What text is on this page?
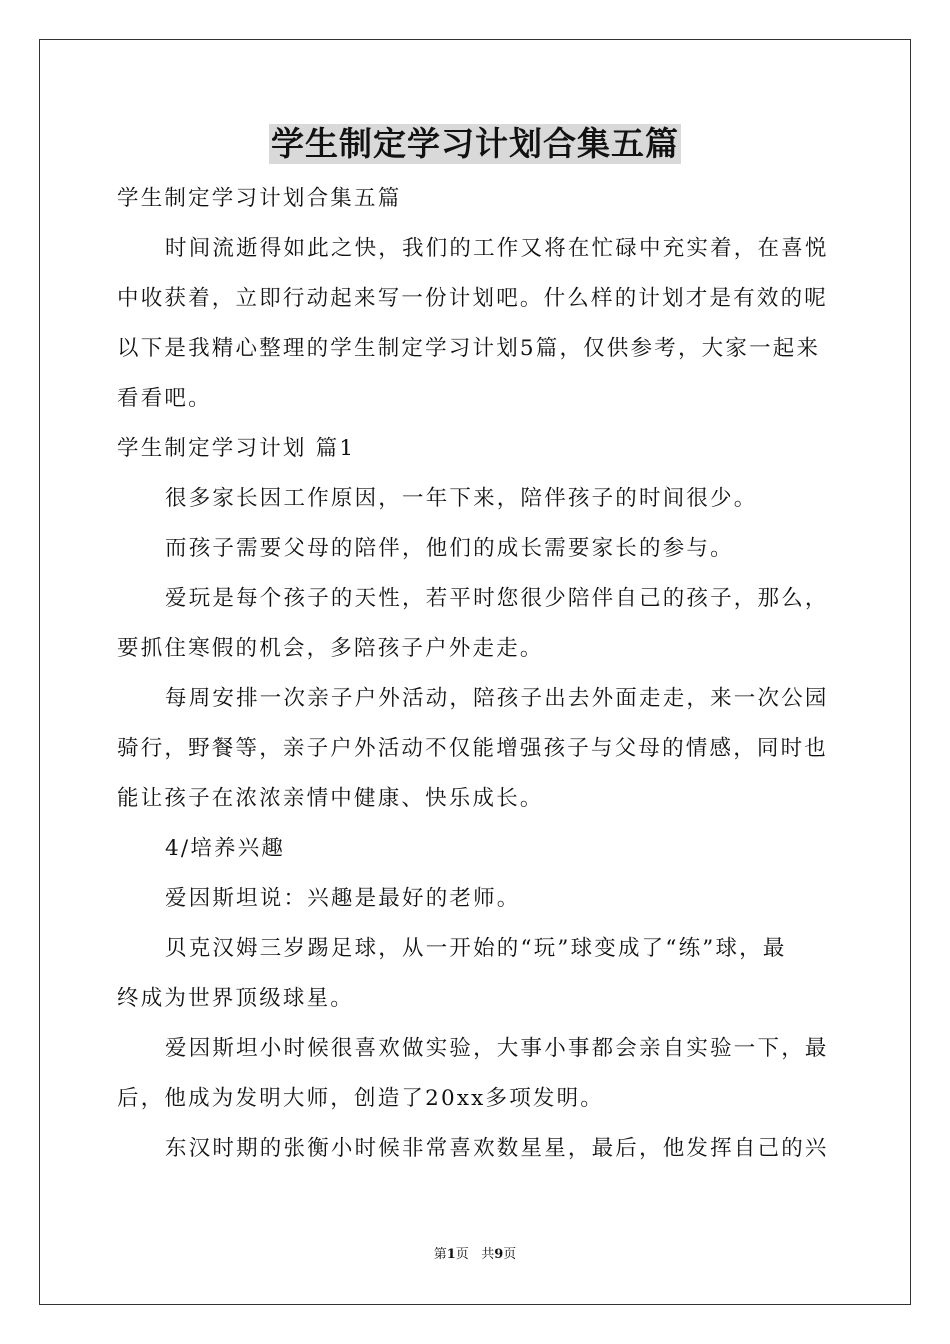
学生制定学习计划合集五篇
学生制定学习计划合集五篇
时间流逝得如此之快，我们的工作又将在忙碌中充实着，在喜悦
中收获着，立即行动起来写一份计划吧。什么样的计划才是有效的呢
以下是我精心整理的学生制定学习计划5篇，仅供参考，大家一起来
看看吧。
学生制定学习计划 篇1
很多家长因工作原因，一年下来，陪伴孩子的时间很少。
而孩子需要父母的陪伴，他们的成长需要家长的参与。
爱玩是每个孩子的天性，若平时您很少陪伴自己的孩子，那么，
要抓住寒假的机会，多陪孩子户外走走。
每周安排一次亲子户外活动，陪孩子出去外面走走，来一次公园
骑行，野餐等，亲子户外活动不仅能增强孩子与父母的情感，同时也
能让孩子在浓浓亲情中健康、快乐成长。
4/培养兴趣
爱因斯坦说：兴趣是最好的老师。
贝克汉姆三岁踢足球，从一开始的“玩”球变成了“练”球，最
终成为世界顶级球星。
爱因斯坦小时候很喜欢做实验，大事小事都会亲自实验一下，最
后，他成为发明大师，创造了20xx多项发明。
东汉时期的张衡小时候非常喜欢数星星，最后，他发挥自己的兴
第1页 共9页
